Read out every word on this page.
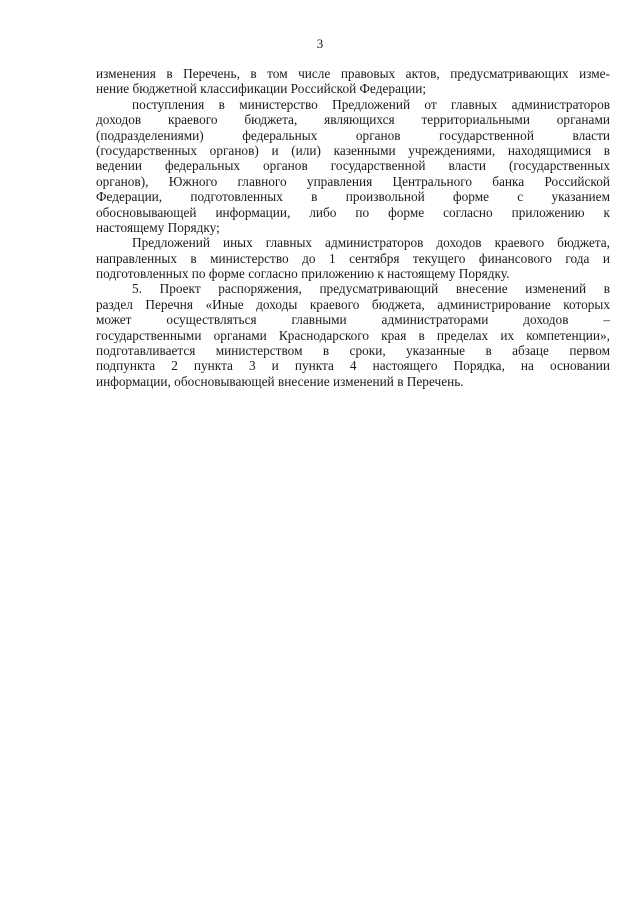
3
изменения в Перечень, в том числе правовых актов, предусматривающих изме-
нение бюджетной классификации Российской Федерации;
поступления в министерство Предложений от главных администраторов
доходов краевого бюджета, являющихся территориальными органами
(подразделениями) федеральных органов государственной власти
(государственных органов) и (или) казенными учреждениями, находящимися в
ведении федеральных органов государственной власти (государственных
органов), Южного главного управления Центрального банка Российской
Федерации, подготовленных в произвольной форме с указанием
обосновывающей информации, либо по форме согласно приложению к
настоящему Порядку;
Предложений иных главных администраторов доходов краевого бюджета,
направленных в министерство до 1 сентября текущего финансового года и
подготовленных по форме согласно приложению к настоящему Порядку.
5. Проект распоряжения, предусматривающий внесение изменений в
раздел Перечня «Иные доходы краевого бюджета, администрирование которых
может осуществляться главными администраторами доходов –
государственными органами Краснодарского края в пределах их компетенции»,
подготавливается министерством в сроки, указанные в абзаце первом
подпункта 2 пункта 3 и пункта 4 настоящего Порядка, на основании
информации, обосновывающей внесение изменений в Перечень.
